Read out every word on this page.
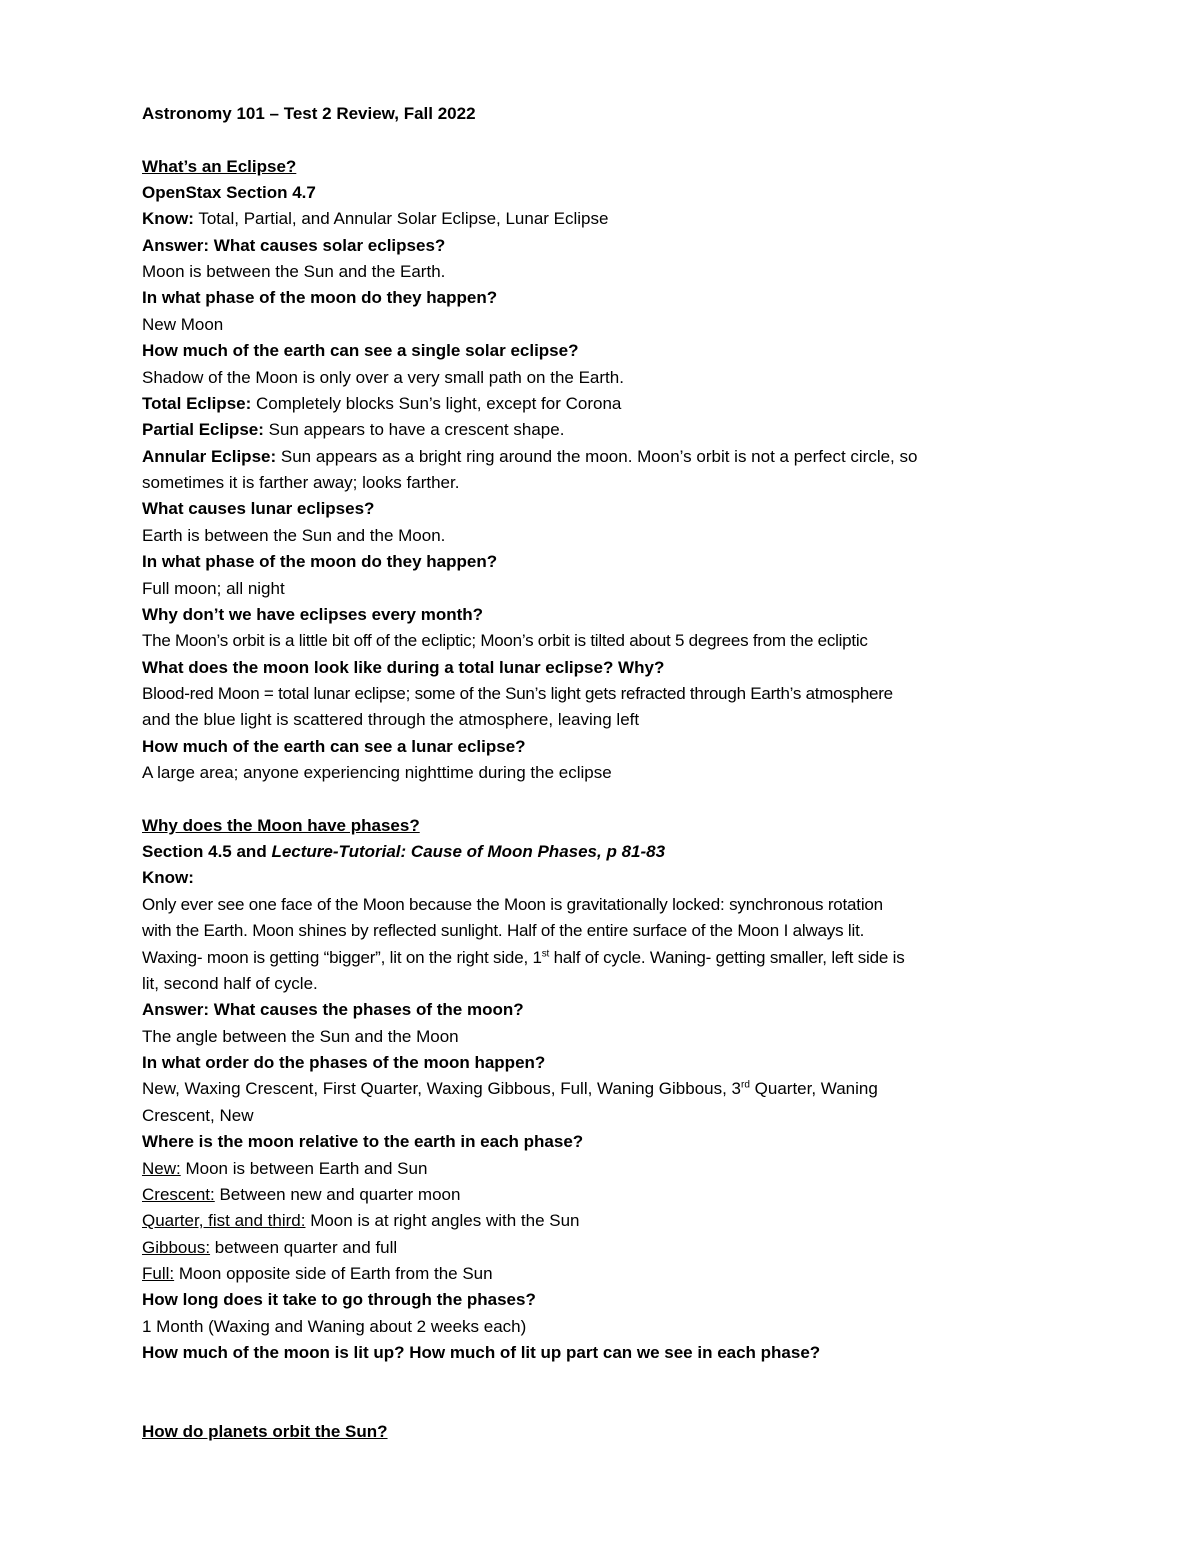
Astronomy 101 – Test 2 Review, Fall 2022
What’s an Eclipse?
OpenStax Section 4.7
Know: Total, Partial, and Annular Solar Eclipse, Lunar Eclipse
Answer: What causes solar eclipses?
Moon is between the Sun and the Earth.
In what phase of the moon do they happen?
New Moon
How much of the earth can see a single solar eclipse?
Shadow of the Moon is only over a very small path on the Earth.
Total Eclipse: Completely blocks Sun’s light, except for Corona
Partial Eclipse: Sun appears to have a crescent shape.
Annular Eclipse: Sun appears as a bright ring around the moon. Moon’s orbit is not a perfect circle, so
sometimes it is farther away; looks farther.
What causes lunar eclipses?
Earth is between the Sun and the Moon.
In what phase of the moon do they happen?
Full moon; all night
Why don’t we have eclipses every month?
The Moon’s orbit is a little bit off of the ecliptic; Moon’s orbit is tilted about 5 degrees from the ecliptic
What does the moon look like during a total lunar eclipse? Why?
Blood-red Moon = total lunar eclipse; some of the Sun’s light gets refracted through Earth’s atmosphere
and the blue light is scattered through the atmosphere, leaving left
How much of the earth can see a lunar eclipse?
A large area; anyone experiencing nighttime during the eclipse
Why does the Moon have phases?
Section 4.5 and Lecture-Tutorial: Cause of Moon Phases, p 81-83
Know:
Only ever see one face of the Moon because the Moon is gravitationally locked: synchronous rotation
with the Earth. Moon shines by reflected sunlight. Half of the entire surface of the Moon I always lit.
Waxing- moon is getting “bigger”, lit on the right side, 1st half of cycle. Waning- getting smaller, left side is
lit, second half of cycle.
Answer: What causes the phases of the moon?
The angle between the Sun and the Moon
In what order do the phases of the moon happen?
New, Waxing Crescent, First Quarter, Waxing Gibbous, Full, Waning Gibbous, 3rd Quarter, Waning
Crescent, New
Where is the moon relative to the earth in each phase?
New: Moon is between Earth and Sun
Crescent: Between new and quarter moon
Quarter, fist and third: Moon is at right angles with the Sun
Gibbous: between quarter and full
Full: Moon opposite side of Earth from the Sun
How long does it take to go through the phases?
1 Month (Waxing and Waning about 2 weeks each)
How much of the moon is lit up? How much of lit up part can we see in each phase?
How do planets orbit the Sun?
